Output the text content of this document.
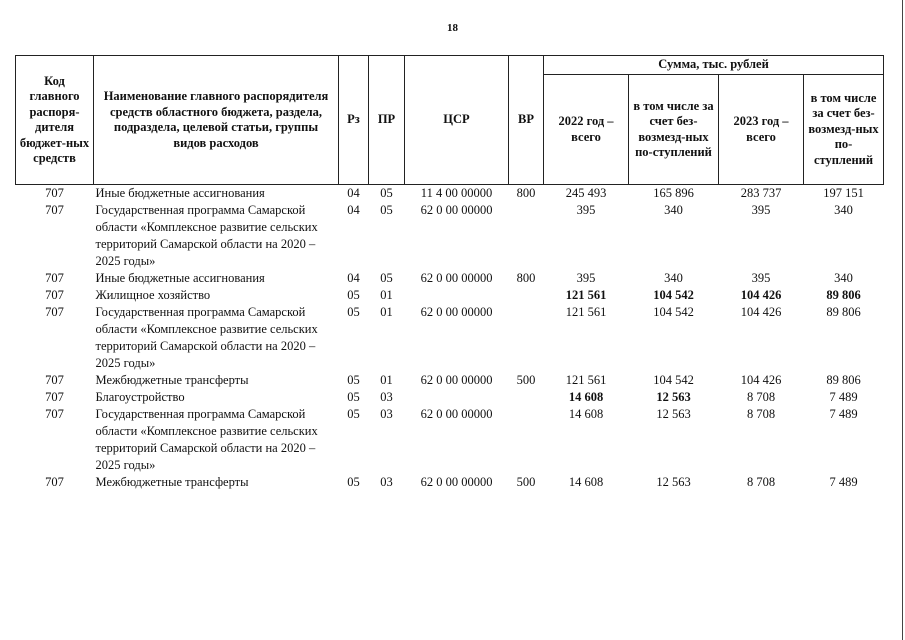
18
Код главного распоря-дителя бюджет-ных средств	Наименование главного распорядителя средств областного бюджета, раздела, подраздела, целевой статьи, группы видов расходов	Рз	ПР	ЦСР	ВР	Сумма, тыс. рублей			
						2022 год – всего	в том числе за счет без-возмезд-ных по-ступлений	2023 год – всего	в том числе за счет без-возмезд-ных по-ступлений
707	Иные бюджетные ассигнования	04	05	11 4 00 00000	800	245 493	165 896	283 737	197 151
707	Государственная программа Самарской области «Комплексное развитие сельских территорий Самарской области на 2020 – 2025 годы»	04	05	62 0 00 00000		395	340	395	340
707	Иные бюджетные ассигнования	04	05	62 0 00 00000	800	395	340	395	340
707	Жилищное хозяйство	05	01			121 561	104 542	104 426	89 806
707	Государственная программа Самарской области «Комплексное развитие сельских территорий Самарской области на 2020 – 2025 годы»	05	01	62 0 00 00000		121 561	104 542	104 426	89 806
707	Межбюджетные трансферты	05	01	62 0 00 00000	500	121 561	104 542	104 426	89 806
707	Благоустройство	05	03			14 608	12 563	8 708	7 489
707	Государственная программа Самарской области «Комплексное развитие сельских территорий Самарской области на 2020 – 2025 годы»	05	03	62 0 00 00000		14 608	12 563	8 708	7 489
707	Межбюджетные трансферты	05	03	62 0 00 00000	500	14 608	12 563	8 708	7 489
